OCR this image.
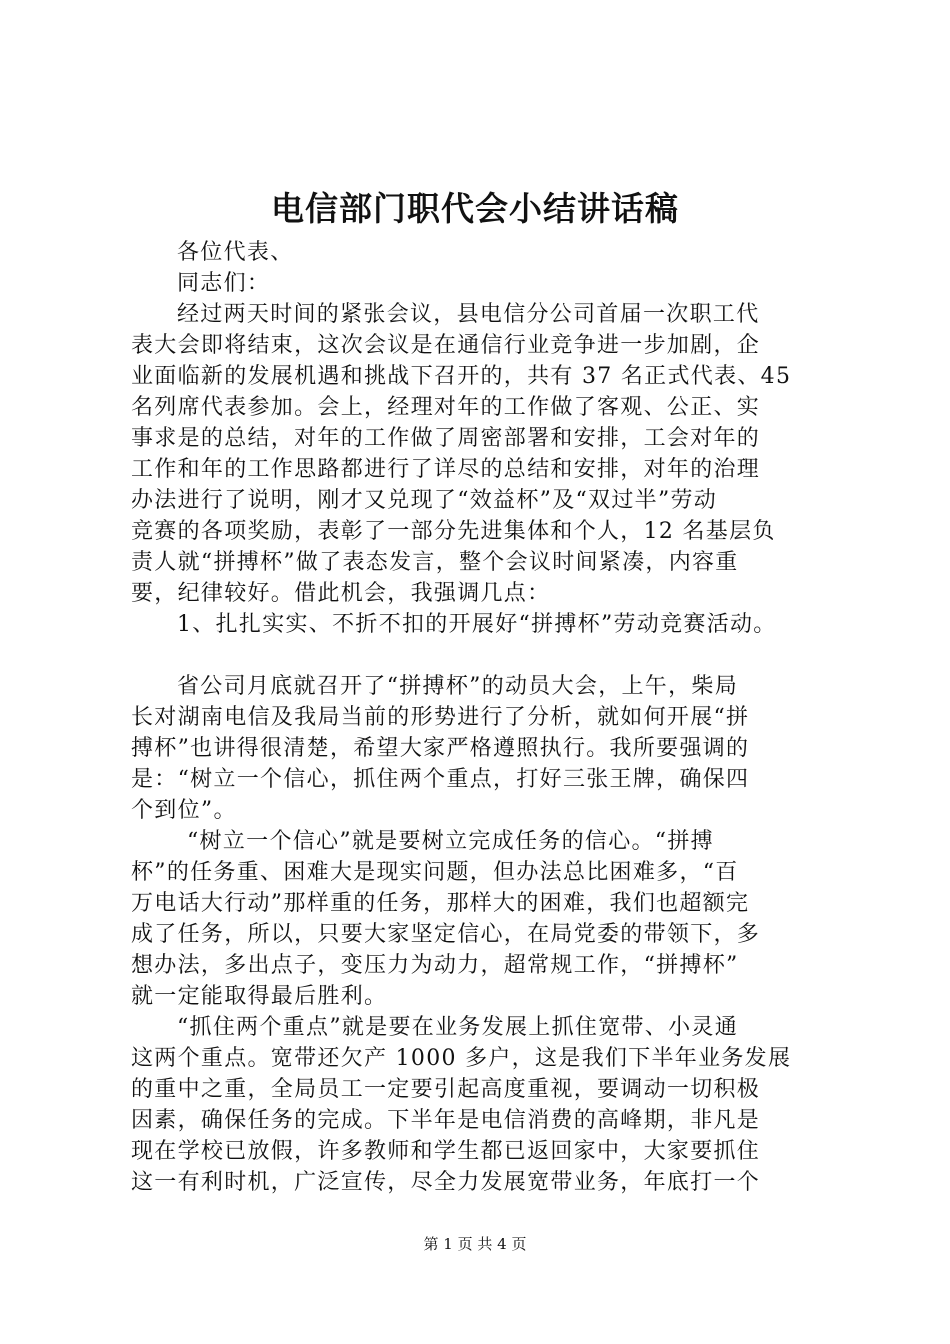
电信部门职代会小结讲话稿

各位代表、

同志们：

经过两天时间的紧张会议，县电信分公司首届一次职工代

表大会即将结束，这次会议是在通信行业竞争进一步加剧，企

业面临新的发展机遇和挑战下召开的，共有 37 名正式代表、45

名列席代表参加。会上，经理对年的工作做了客观、公正、实

事求是的总结，对年的工作做了周密部署和安排，工会对年的

工作和年的工作思路都进行了详尽的总结和安排，对年的治理

办法进行了说明，刚才又兑现了“效益杯”及“双过半”劳动

竞赛的各项奖励，表彰了一部分先进集体和个人，12 名基层负

责人就“拼搏杯”做了表态发言，整个会议时间紧凑，内容重

要，纪律较好。借此机会，我强调几点：

1、扎扎实实、不折不扣的开展好“拼搏杯”劳动竞赛活动。

省公司月底就召开了“拼搏杯”的动员大会，上午，柴局

长对湖南电信及我局当前的形势进行了分析，就如何开展“拼

搏杯”也讲得很清楚，希望大家严格遵照执行。我所要强调的

是：“树立一个信心，抓住两个重点，打好三张王牌，确保四

个到位”。

“树立一个信心”就是要树立完成任务的信心。“拼搏

杯”的任务重、困难大是现实问题，但办法总比困难多，“百

万电话大行动”那样重的任务，那样大的困难，我们也超额完

成了任务，所以，只要大家坚定信心，在局党委的带领下，多

想办法，多出点子，变压力为动力，超常规工作，“拼搏杯”

就一定能取得最后胜利。

“抓住两个重点”就是要在业务发展上抓住宽带、小灵通

这两个重点。宽带还欠产 1000 多户，这是我们下半年业务发展

的重中之重，全局员工一定要引起高度重视，要调动一切积极

因素，确保任务的完成。下半年是电信消费的高峰期，非凡是

现在学校已放假，许多教师和学生都已返回家中，大家要抓住

这一有利时机，广泛宣传，尽全力发展宽带业务，年底打一个

第 1 页 共 4 页
